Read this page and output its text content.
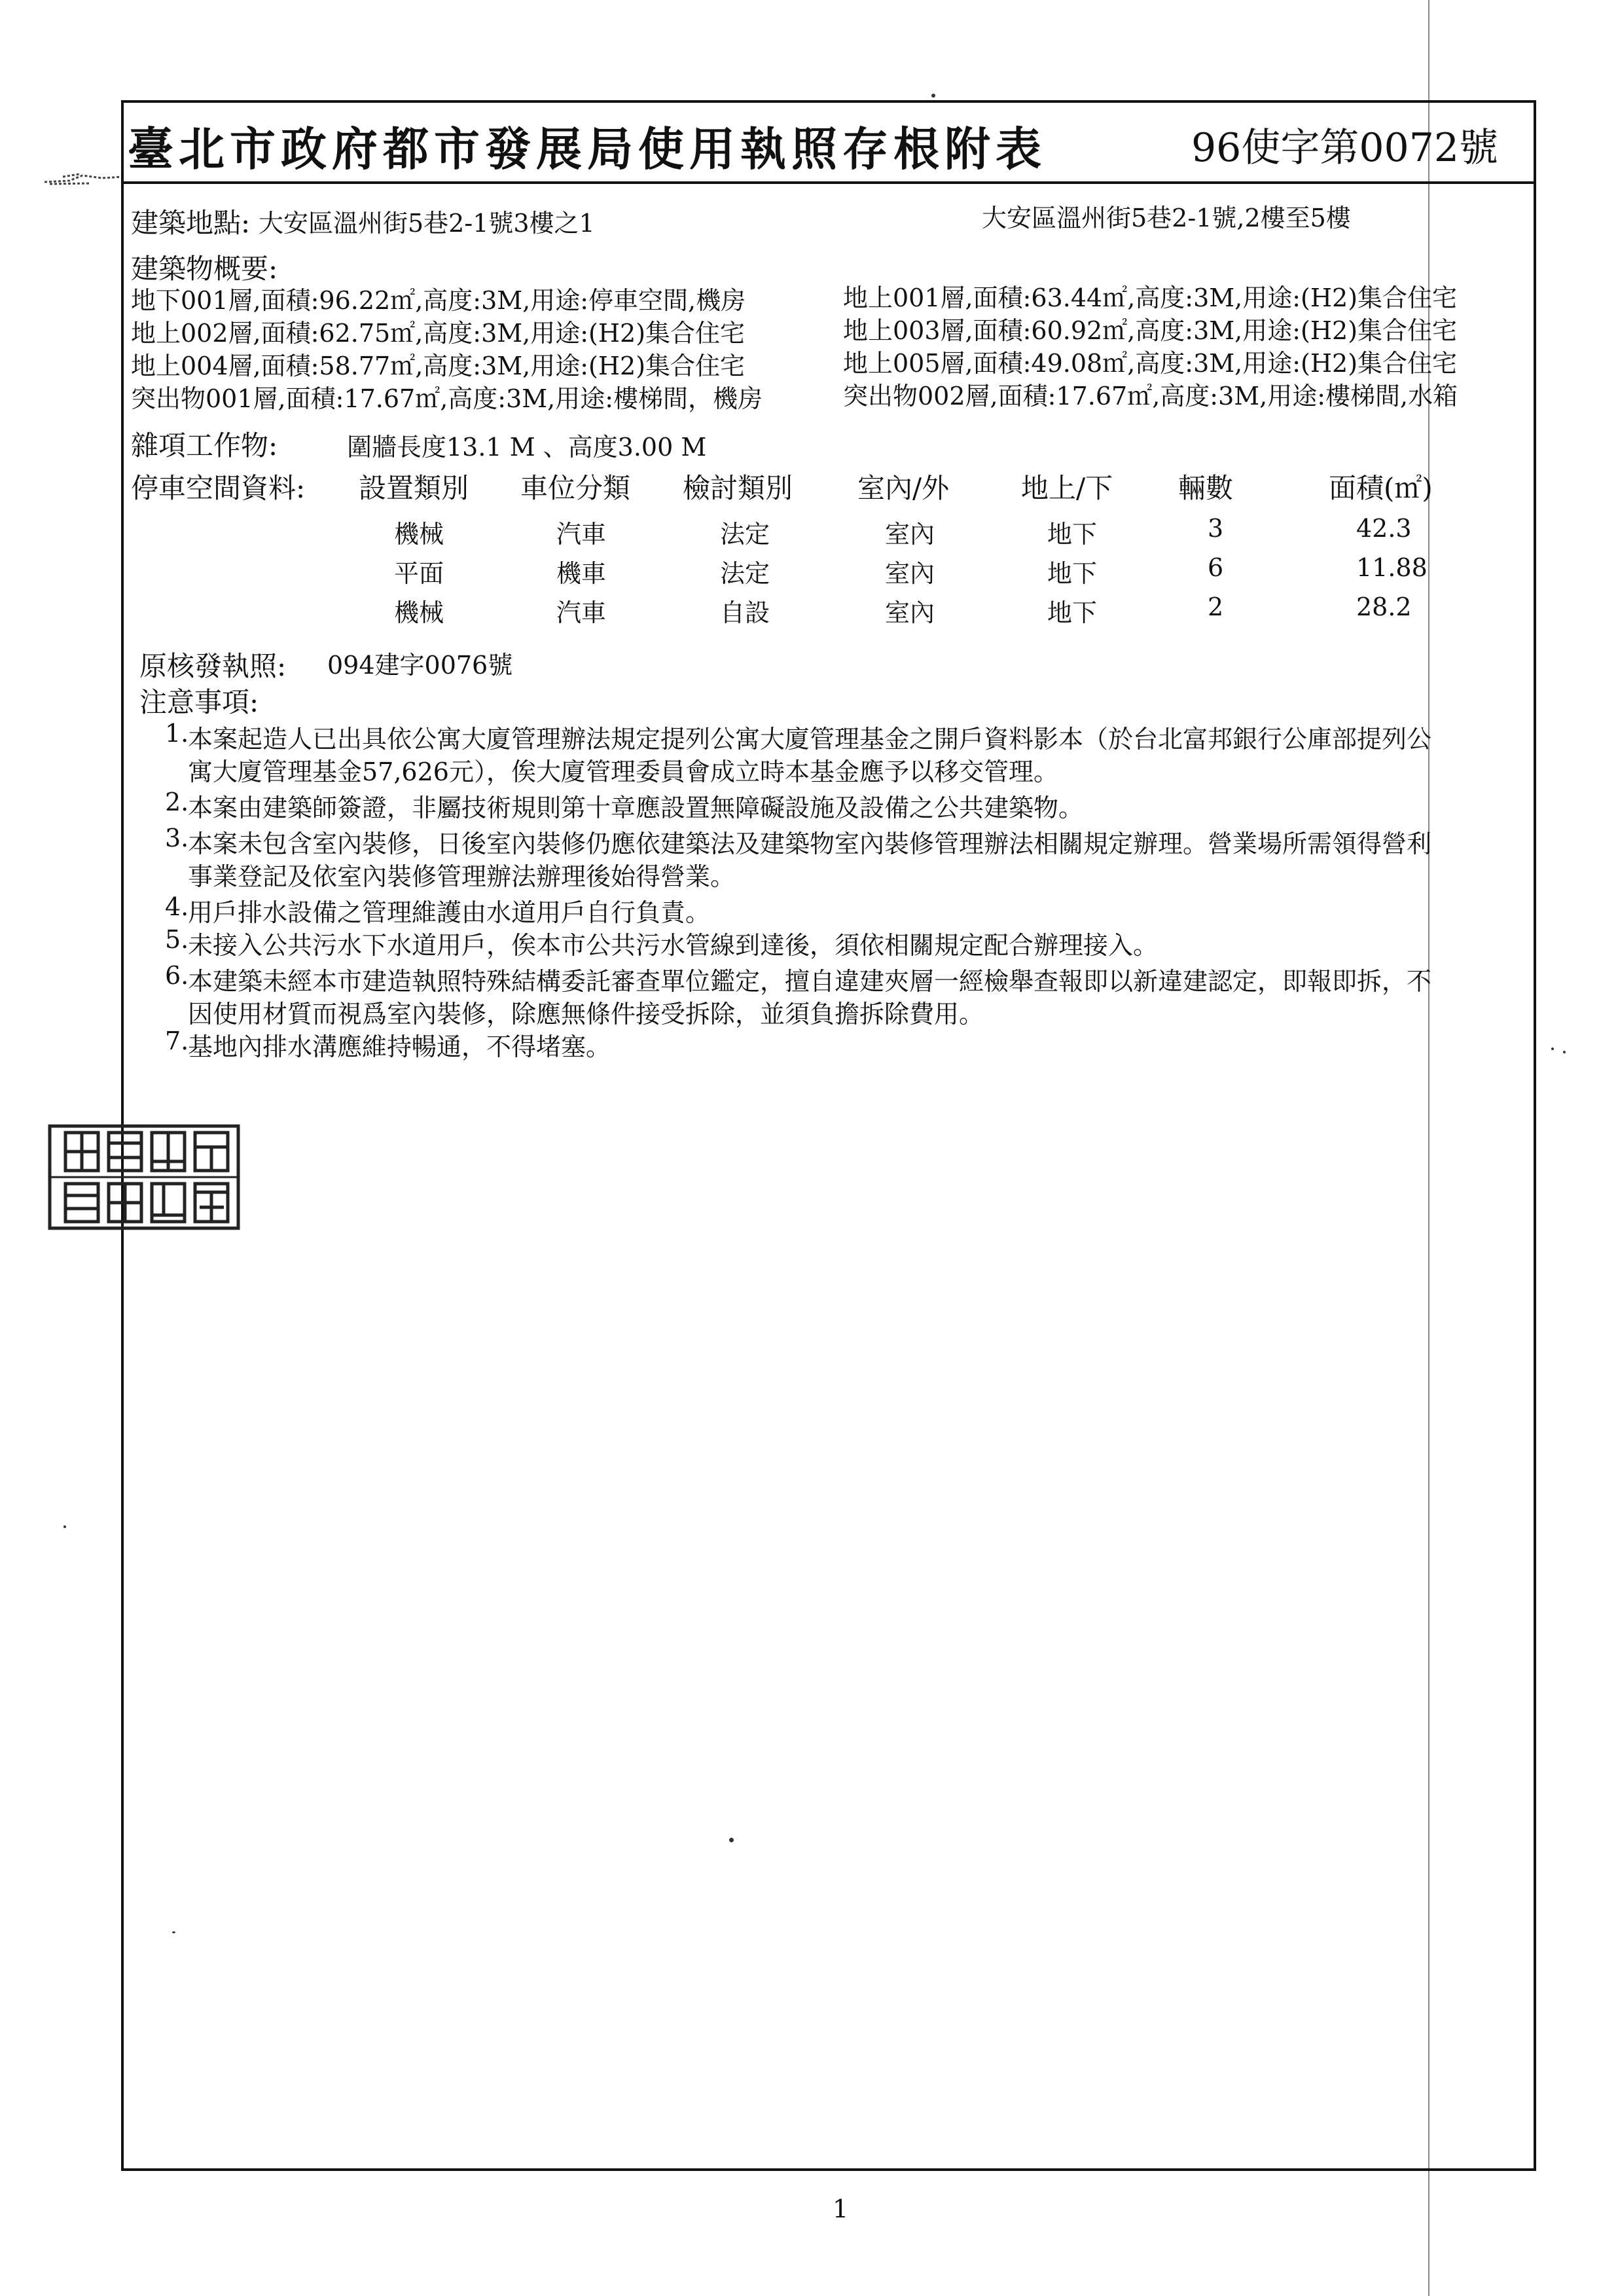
臺北市政府都市發展局使用執照存根附表	96使字第0072號
建築地點: 大安區溫州街5巷2-1號3樓之1	大安區溫州街5巷2-1號,2樓至5樓
建築物概要:
地下001層,面積:96.22㎡,高度:3M,用途:停車空間,機房	地上001層,面積:63.44㎡,高度:3M,用途:(H2)集合住宅
地上002層,面積:62.75㎡,高度:3M,用途:(H2)集合住宅	地上003層,面積:60.92㎡,高度:3M,用途:(H2)集合住宅
地上004層,面積:58.77㎡,高度:3M,用途:(H2)集合住宅	地上005層,面積:49.08㎡,高度:3M,用途:(H2)集合住宅
突出物001層,面積:17.67㎡,高度:3M,用途:樓梯間，機房	突出物002層,面積:17.67㎡,高度:3M,用途:樓梯間,水箱
雜項工作物:	圍牆長度13.1 M 、高度3.00 M
停車空間資料: 設置類別 車位分類 檢討類別 室內/外	地上/下 輛數	面積(㎡)
機械	汽車	法定	室內	地下	3	42.3
平面	機車	法定	室內	地下	6	11.88
機械	汽車	自設	室內	地下	2	28.2
原核發執照: 094建字0076號
注意事項:
1.
本案起造人已出具依公寓大廈管理辦法規定提列公寓大廈管理基金之開戶資料影本（於台北富邦銀行公庫部提列公
寓大廈管理基金57,626元），俟大廈管理委員會成立時本基金應予以移交管理。
2.
本案由建築師簽證，非屬技術規則第十章應設置無障礙設施及設備之公共建築物。
3.
本案未包含室內裝修，日後室內裝修仍應依建築法及建築物室內裝修管理辦法相關規定辦理。營業場所需領得營利
事業登記及依室內裝修管理辦法辦理後始得營業。
4.
用戶排水設備之管理維護由水道用戶自行負責。
5.
未接入公共污水下水道用戶，俟本市公共污水管線到達後，須依相關規定配合辦理接入。
6.
本建築未經本市建造執照特殊結構委託審查單位鑑定，擅自違建夾層一經檢舉查報即以新違建認定，即報即拆，不
因使用材質而視爲室內裝修，除應無條件接受拆除，並須負擔拆除費用。
7.
基地內排水溝應維持暢通，不得堵塞。
1
